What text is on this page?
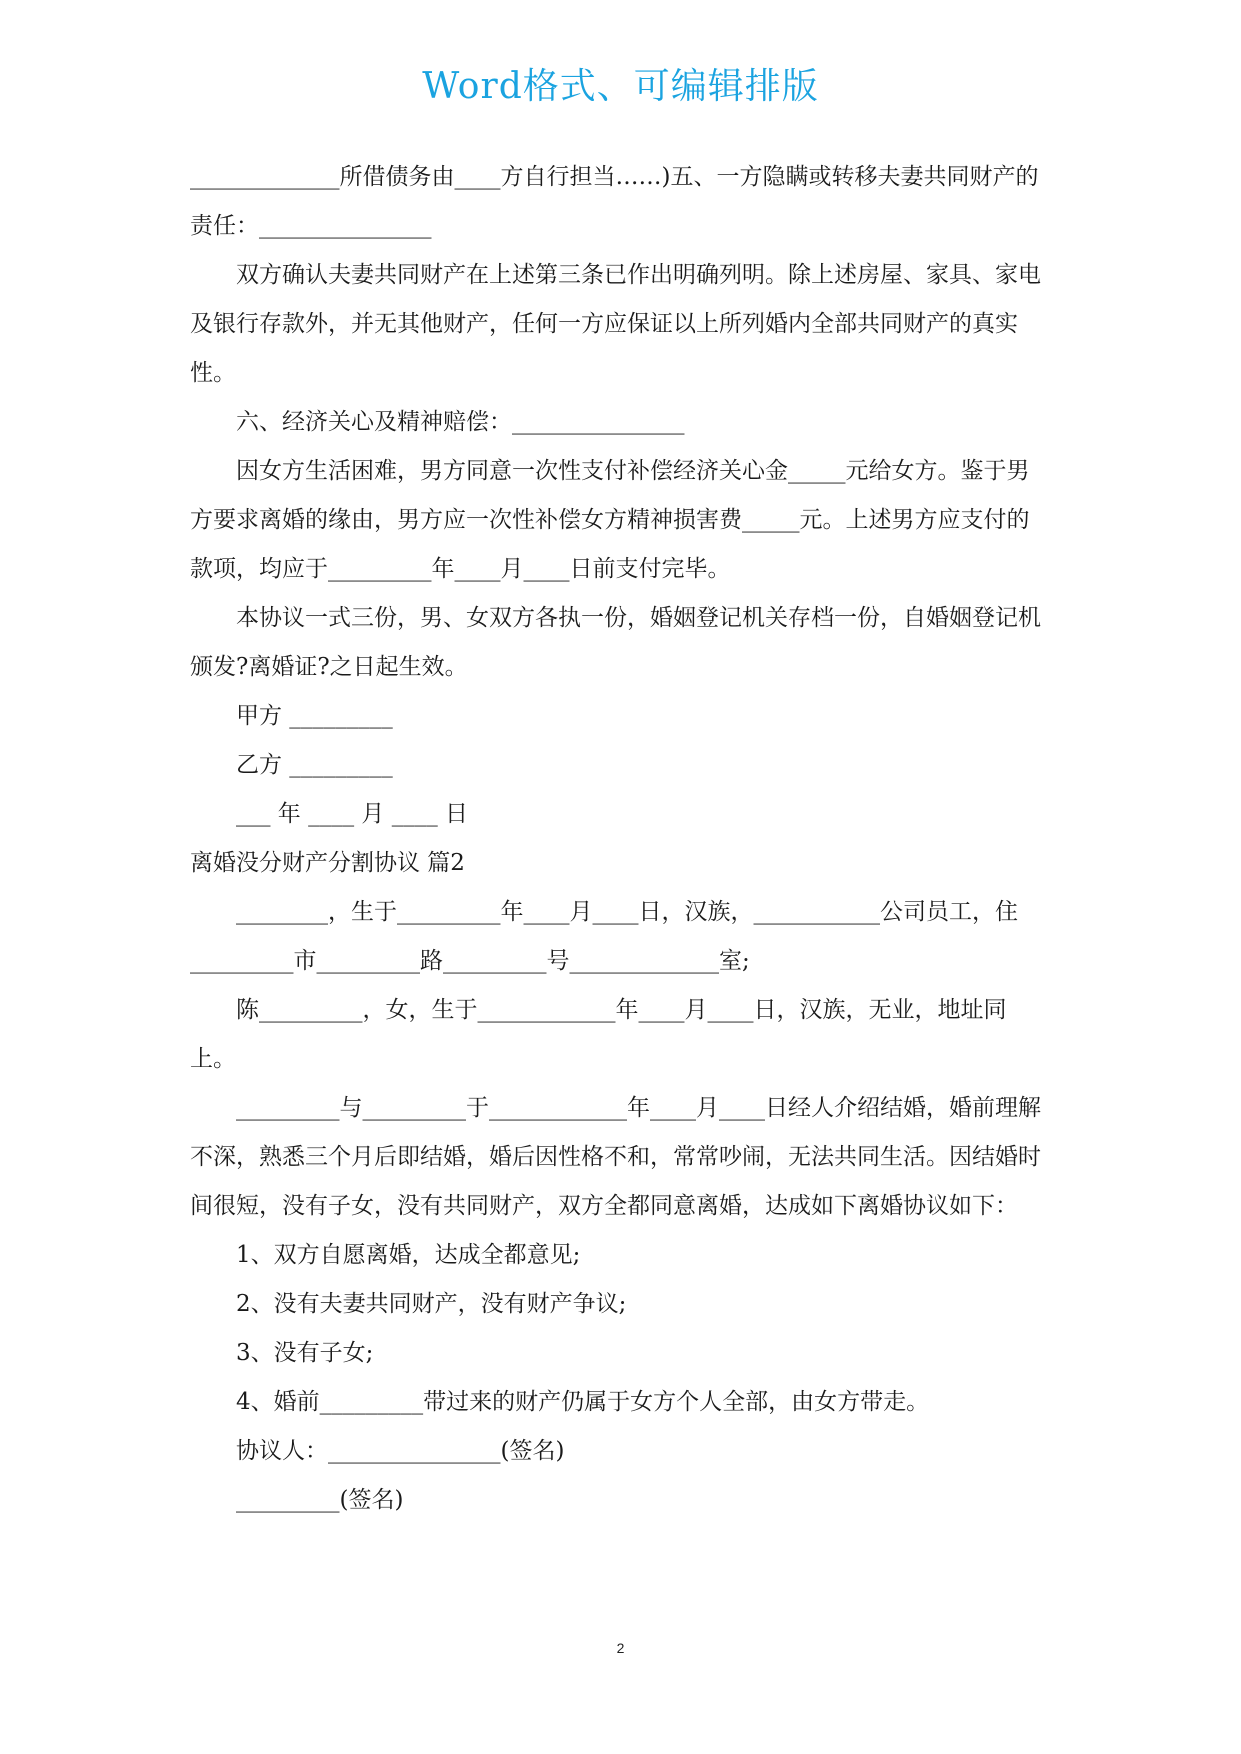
Word格式、可编辑排版

_____________所借债务由____方自行担当……)五、一方隐瞒或转移夫妻共同财产的责任：_______________

双方确认夫妻共同财产在上述第三条已作出明确列明。除上述房屋、家具、家电及银行存款外，并无其他财产，任何一方应保证以上所列婚内全部共同财产的真实性。

六、经济关心及精神赔偿：_______________

因女方生活困难，男方同意一次性支付补偿经济关心金_____元给女方。鉴于男方要求离婚的缘由，男方应一次性补偿女方精神损害费_____元。上述男方应支付的款项，均应于_________年____月____日前支付完毕。

本协议一式三份，男、女双方各执一份，婚姻登记机关存档一份，自婚姻登记机颁发?离婚证?之日起生效。

甲方 _________

乙方 _________

___ 年 ____ 月 ____ 日

离婚没分财产分割协议 篇2

________，生于_________年____月____日，汉族，___________公司员工，住_________市_________路_________号_____________室;

陈_________，女，生于____________年____月____日，汉族，无业，地址同上。

_________与_________于____________年____月____日经人介绍结婚，婚前理解不深，熟悉三个月后即结婚，婚后因性格不和，常常吵闹，无法共同生活。因结婚时间很短，没有子女，没有共同财产，双方全都同意离婚，达成如下离婚协议如下：

1、双方自愿离婚，达成全都意见;

2、没有夫妻共同财产，没有财产争议;

3、没有子女;

4、婚前_________带过来的财产仍属于女方个人全部，由女方带走。

协议人：_______________(签名)

_________(签名)

2
